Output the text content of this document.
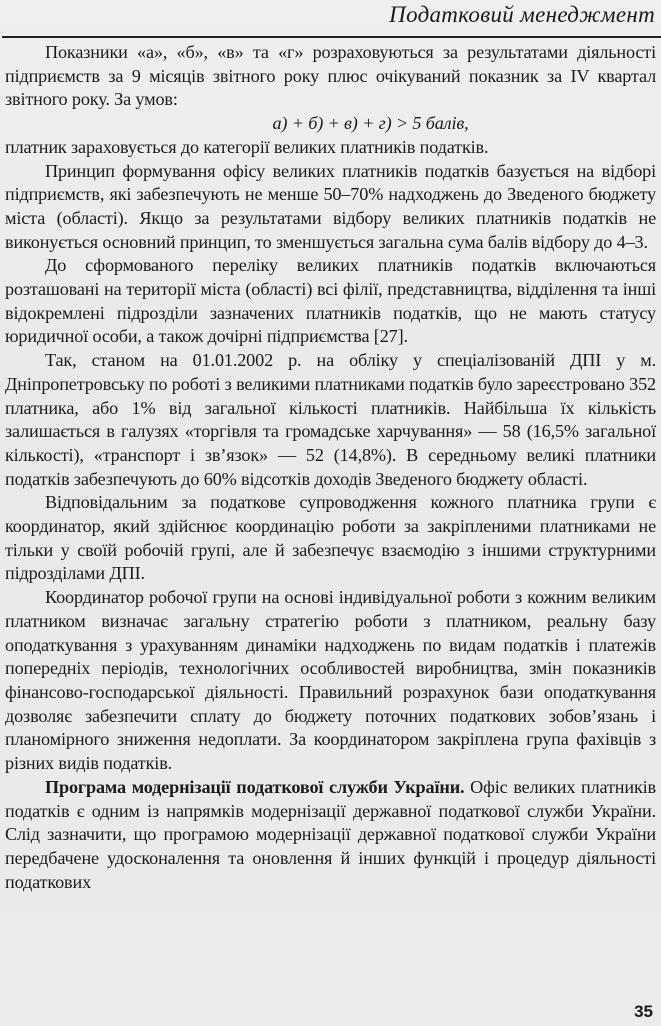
Податковий менеджмент

Показники «а», «б», «в» та «г» розраховуються за результатами діяльності підприємств за 9 місяців звітного року плюс очікуваний показник за IV квартал звітного року. За умов:

а) + б) + в) + г) > 5 балів,

платник зараховується до категорії великих платників податків.

Принцип формування офісу великих платників податків базується на відборі підприємств, які забезпечують не менше 50–70% надходжень до Зведеного бюджету міста (області). Якщо за результатами відбору великих платників податків не виконується основний принцип, то зменшується загальна сума балів відбору до 4–3.

До сформованого переліку великих платників податків включаються розташовані на території міста (області) всі філії, представництва, відділення та інші відокремлені підрозділи зазначених платників податків, що не мають статусу юридичної особи, а також дочірні підприємства [27].

Так, станом на 01.01.2002 р. на обліку у спеціалізованій ДПІ у м. Дніпропетровську по роботі з великими платниками податків було зареєстровано 352 платника, або 1% від загальної кількості платників. Найбільша їх кількість залишається в галузях «торгівля та громадське харчування» — 58 (16,5% загальної кількості), «транспорт і зв’язок» — 52 (14,8%). В середньому великі платники податків забезпечують до 60% відсотків доходів Зведеного бюджету області.

Відповідальним за податкове супроводження кожного платника групи є координатор, який здійснює координацію роботи за закріпленими платниками не тільки у своїй робочій групі, але й забезпечує взаємодію з іншими структурними підрозділами ДПІ.

Координатор робочої групи на основі індивідуальної роботи з кожним великим платником визначає загальну стратегію роботи з платником, реальну базу оподаткування з урахуванням динаміки надходжень по видам податків і платежів попередніх періодів, технологічних особливостей виробництва, змін показників фінансово-господарської діяльності. Правильний розрахунок бази оподаткування дозволяє забезпечити сплату до бюджету поточних податкових зобов’язань і планомірного зниження недоплати. За координатором закріплена група фахівців з різних видів податків.

Програма модернізації податкової служби України. Офіс великих платників податків є одним із напрямків модернізації державної податкової служби України. Слід зазначити, що програмою модернізації державної податкової служби України передбачене удосконалення та оновлення й інших функцій і процедур діяльності податкових

35
